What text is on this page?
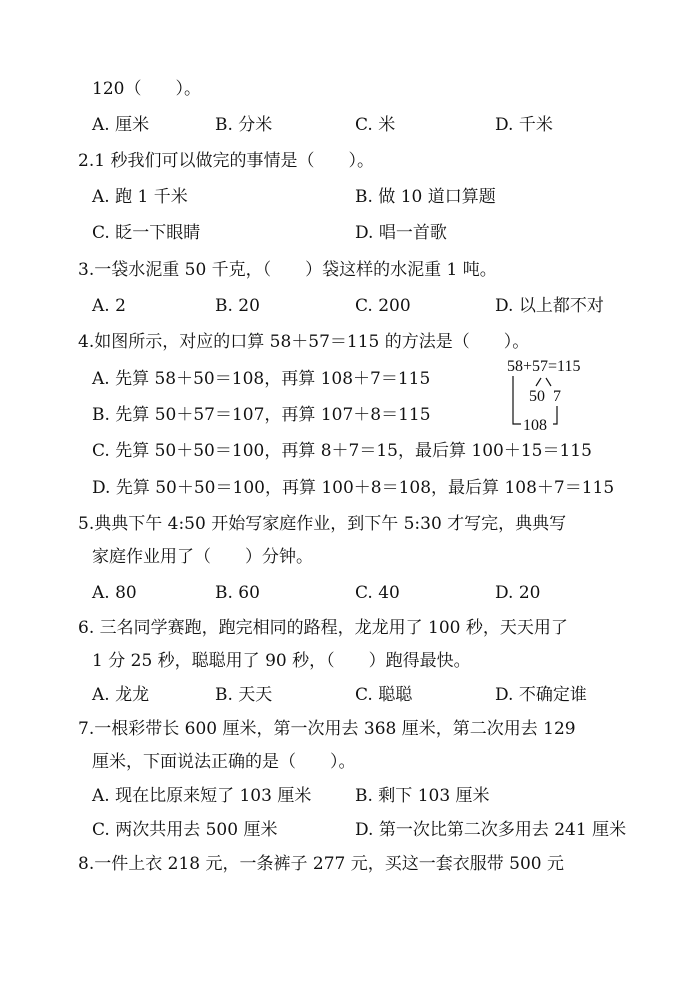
120（　　）。
A. 厘米	B. 分米	C. 米	D. 千米
2.1 秒我们可以做完的事情是（　　）。
A. 跑 1 千米	B. 做 10 道口算题
C. 眨一下眼睛	D. 唱一首歌
3.一袋水泥重 50 千克，（　　）袋这样的水泥重 1 吨。
A. 2	B. 20	C. 200	D. 以上都不对
4.如图所示，对应的口算 58＋57＝115 的方法是（　　）。
A. 先算 58＋50＝108，再算 108＋7＝115
B. 先算 50＋57＝107，再算 107＋8＝115
C. 先算 50＋50＝100，再算 8＋7＝15，最后算 100＋15＝115
D. 先算 50＋50＝100，再算 100＋8＝108，最后算 108＋7＝115
58+57=115
50 7
108
5.典典下午 4:50 开始写家庭作业，到下午 5:30 才写完，典典写
家庭作业用了（　　）分钟。
A. 80	B. 60	C. 40	D. 20
6. 三名同学赛跑，跑完相同的路程，龙龙用了 100 秒，天天用了
1 分 25 秒，聪聪用了 90 秒，（　　）跑得最快。
A. 龙龙	B. 天天	C. 聪聪	D. 不确定谁
7.一根彩带长 600 厘米，第一次用去 368 厘米，第二次用去 129
厘米，下面说法正确的是（　　）。
A. 现在比原来短了 103 厘米	B. 剩下 103 厘米
C. 两次共用去 500 厘米	D. 第一次比第二次多用去 241 厘米
8.一件上衣 218 元，一条裤子 277 元，买这一套衣服带 500 元
